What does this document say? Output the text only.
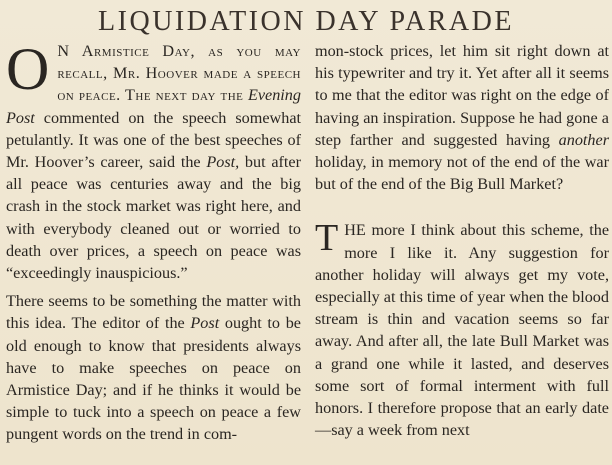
LIQUIDATION DAY PARADE

O N Armistice Day, as you may recall, Mr. Hoover made a speech on peace. The next day the Evening Post commented on the speech somewhat petulantly. It was one of the best speeches of Mr. Hoover’s career, said the Post, but after all peace was centuries away and the big crash in the stock market was right here, and with everybody cleaned out or worried to death over prices, a speech on peace was “exceedingly inauspicious.”

There seems to be something the matter with this idea. The editor of the Post ought to be old enough to know that presidents always have to make speeches on peace on Armistice Day; and if he thinks it would be simple to tuck into a speech on peace a few pungent words on the trend in com-

mon-stock prices, let him sit right down at his typewriter and try it. Yet after all it seems to me that the editor was right on the edge of having an inspiration. Suppose he had gone a step farther and suggested having another holiday, in memory not of the end of the war but of the end of the Big Bull Market?

THE more I think about this scheme, the more I like it. Any suggestion for another holiday will always get my vote, especially at this time of year when the blood stream is thin and vacation seems so far away. And after all, the late Bull Market was a grand one while it lasted, and deserves some sort of formal interment with full honors. I therefore propose that an early date—say a week from next
